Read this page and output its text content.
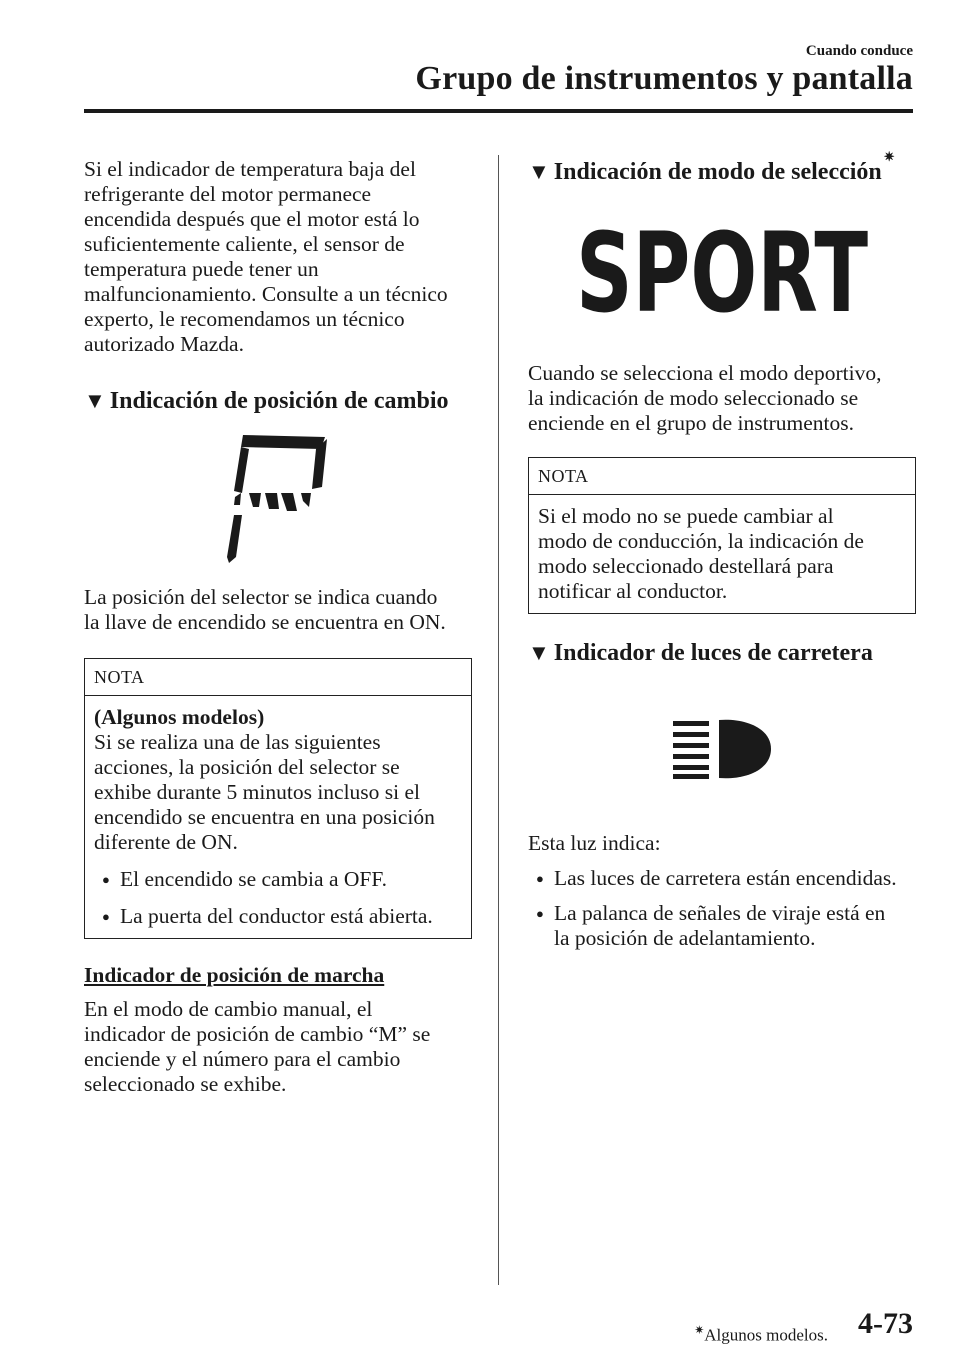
Cuando conduce
Grupo de instrumentos y pantalla

Si el indicador de temperatura baja del
refrigerante del motor permanece
encendida después que el motor está lo
suficientemente caliente, el sensor de
temperatura puede tener un
malfuncionamiento. Consulte a un técnico
experto, le recomendamos un técnico
autorizado Mazda.

▼ Indicación de posición de cambio

La posición del selector se indica cuando
la llave de encendido se encuentra en ON.

NOTA

(Algunos modelos)

Si se realiza una de las siguientes
acciones, la posición del selector se
exhibe durante 5 minutos incluso si el
encendido se encuentra en una posición
diferente de ON.

● El encendido se cambia a OFF.
● La puerta del conductor está abierta.

Indicador de posición de marcha

En el modo de cambio manual, el
indicador de posición de cambio “M” se
enciende y el número para el cambio
seleccionado se exhibe.

▼ Indicación de modo de selección
✷
SPORT

Cuando se selecciona el modo deportivo,
la indicación de modo seleccionado se
enciende en el grupo de instrumentos.

NOTA

Si el modo no se puede cambiar al
modo de conducción, la indicación de
modo seleccionado destellará para
notificar al conductor.

▼ Indicador de luces de carretera

Esta luz indica:

● Las luces de carretera están encendidas.
● La palanca de señales de viraje está en
la posición de adelantamiento.
✷Algunos modelos. 4-73
